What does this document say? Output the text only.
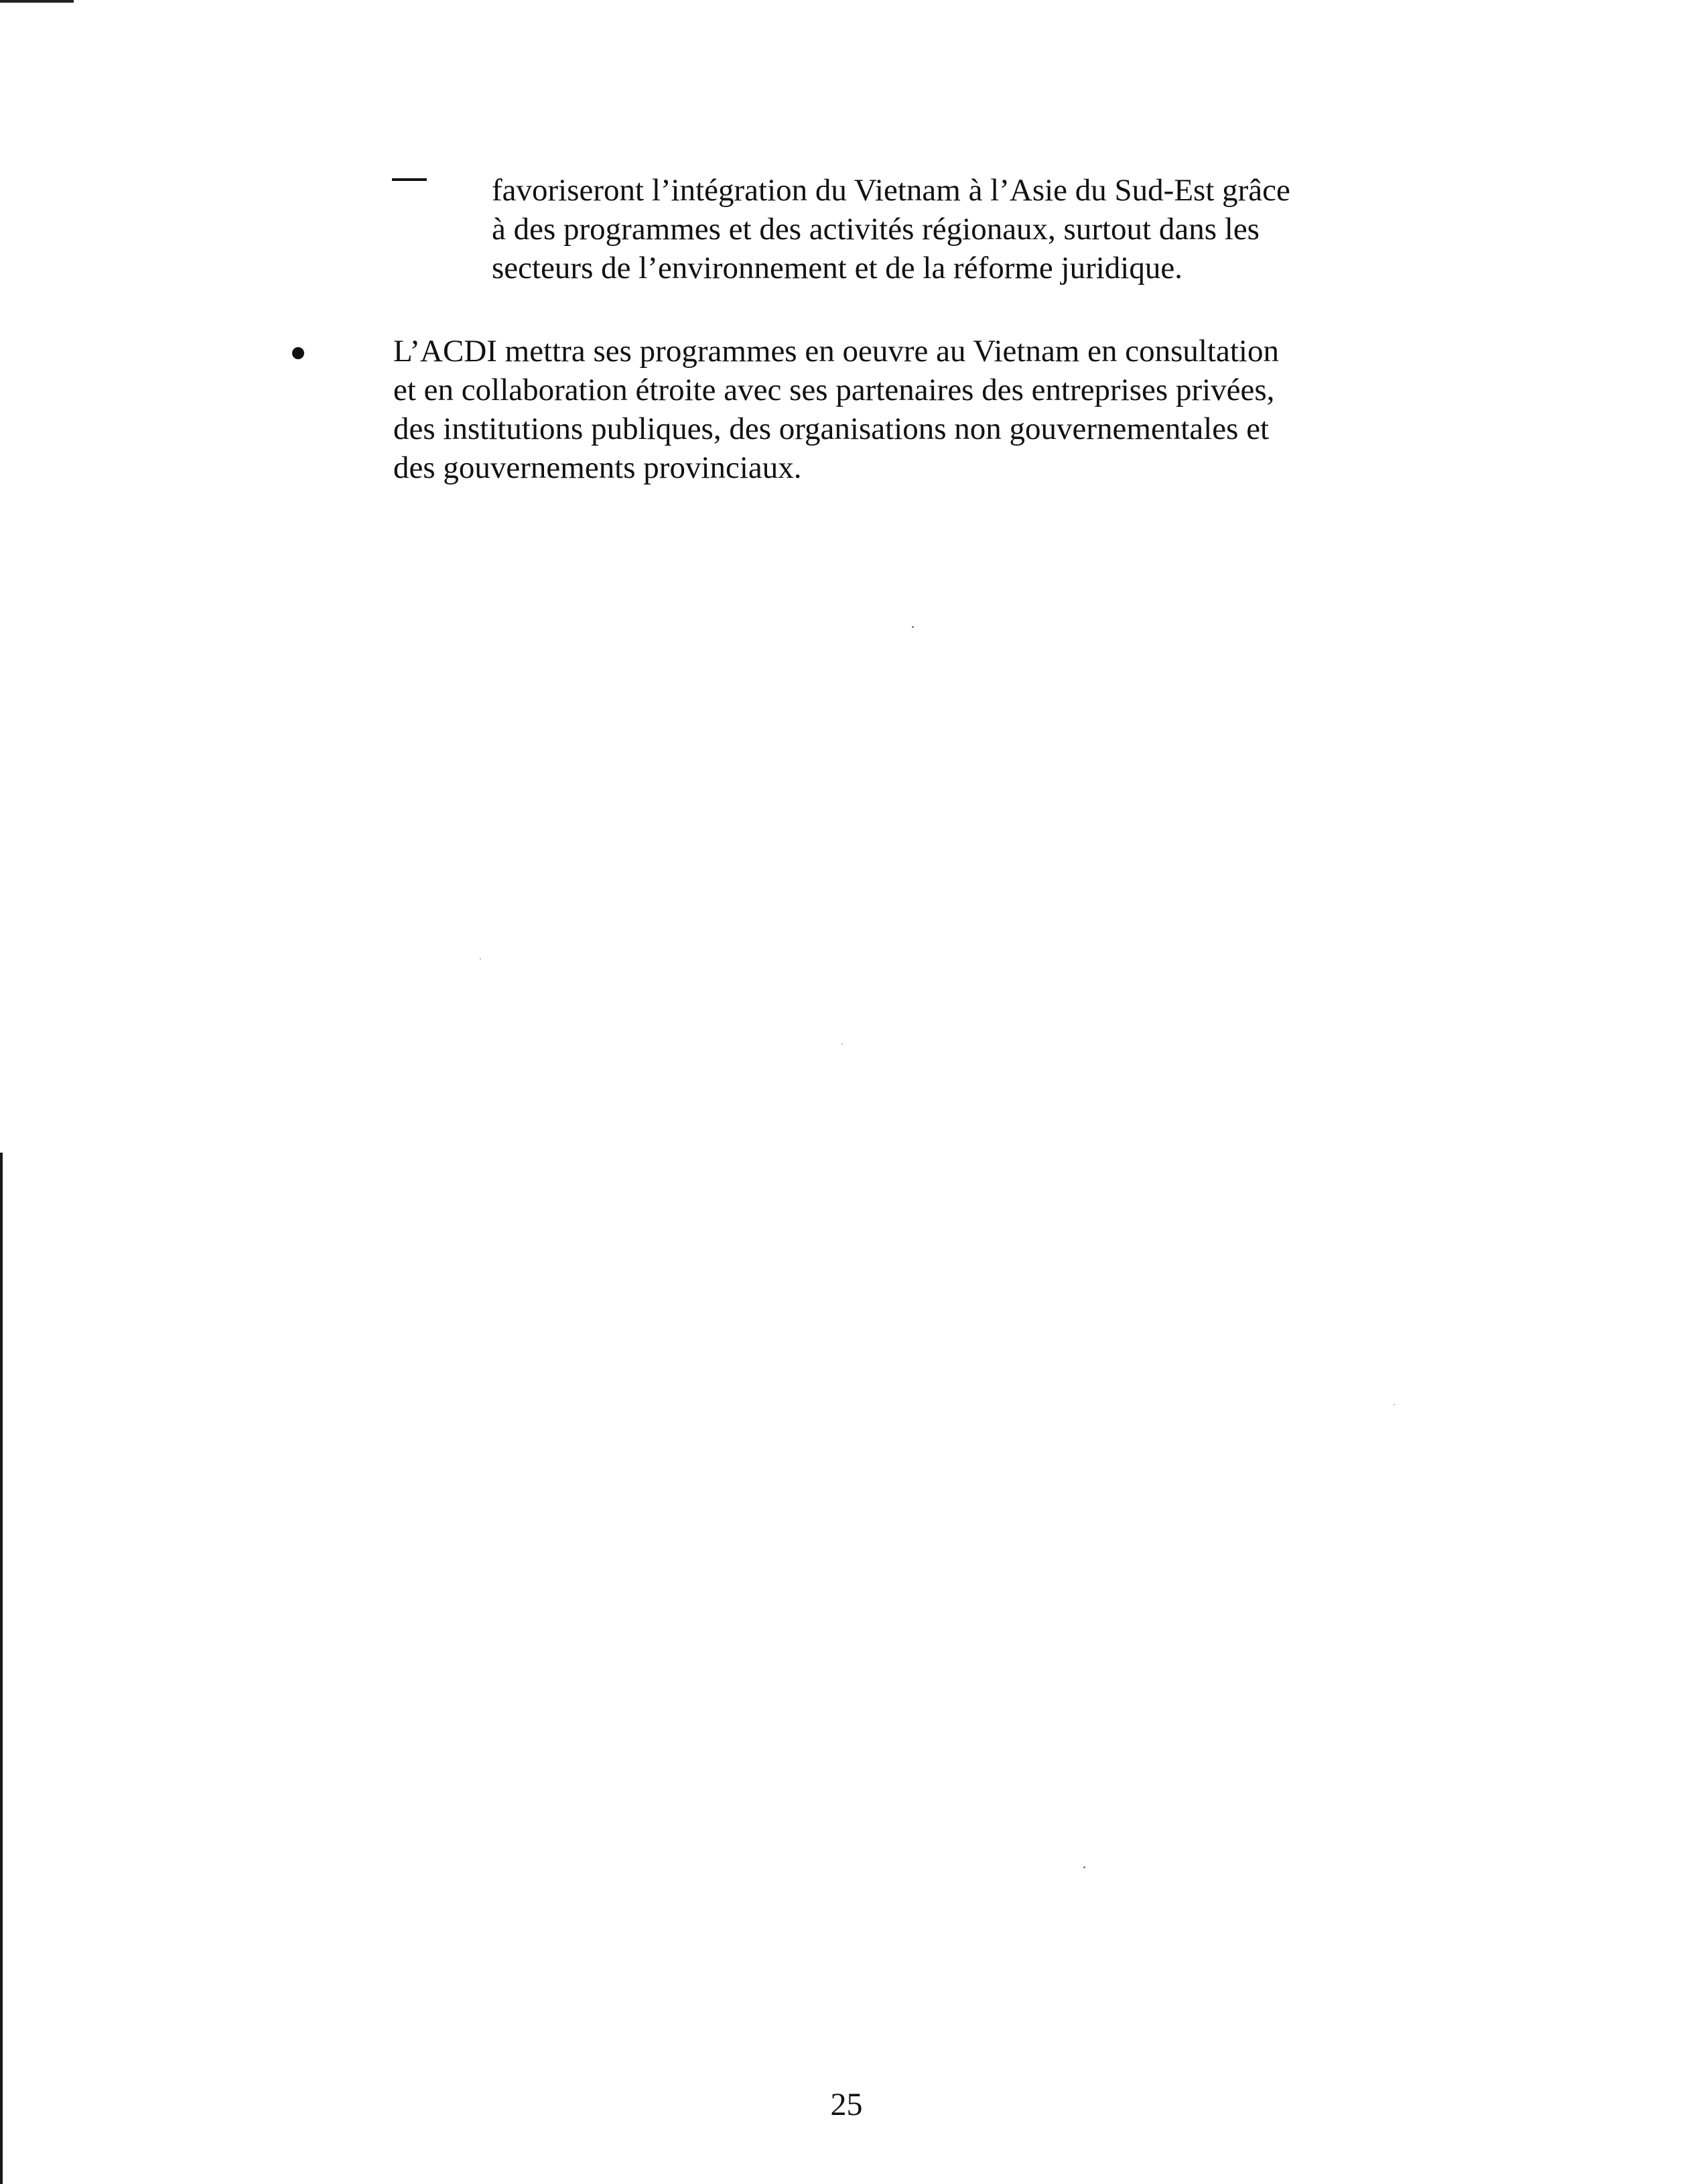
favoriseront l’intégration du Vietnam à l’Asie du Sud-Est grâce
à des programmes et des activités régionaux, surtout dans les
secteurs de l’environnement et de la réforme juridique.
L’ACDI mettra ses programmes en oeuvre au Vietnam en consultation
et en collaboration étroite avec ses partenaires des entreprises privées,
des institutions publiques, des organisations non gouvernementales et
des gouvernements provinciaux.
25
